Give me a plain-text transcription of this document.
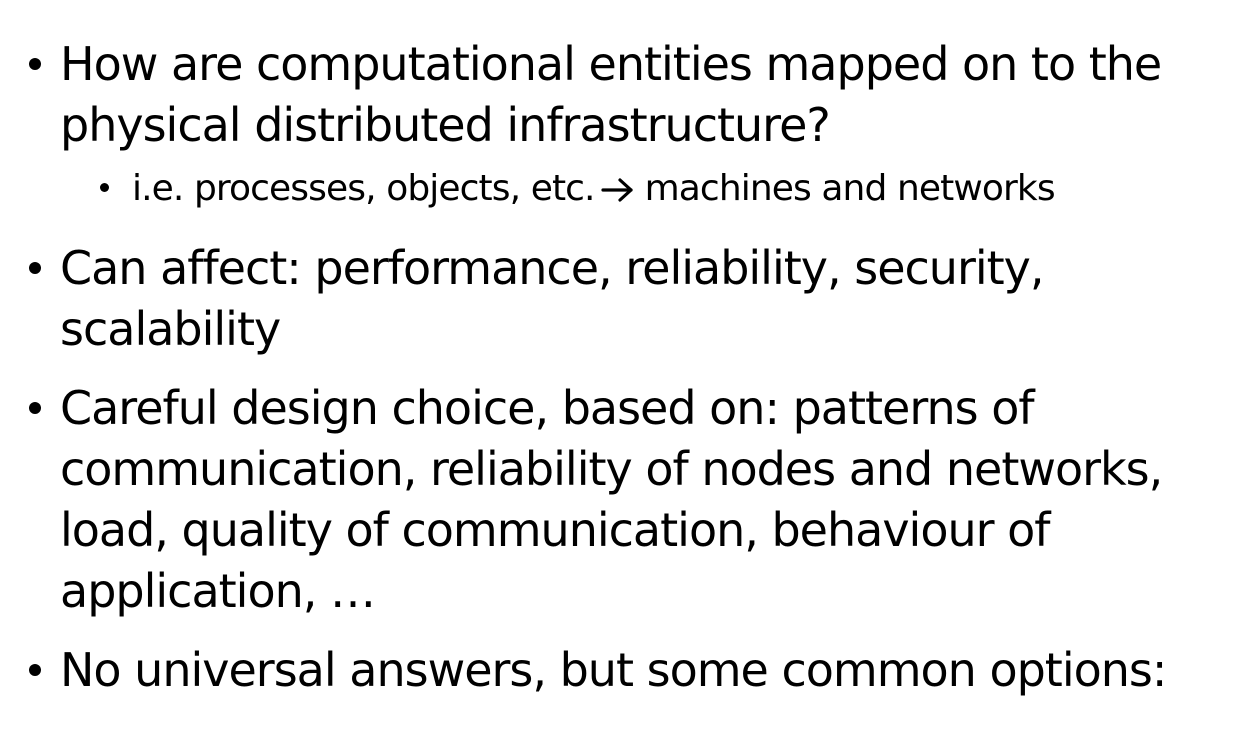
How are computational entities mapped on to the
physical distributed infrastructure?
i.e. processes, objects, etc. machines and networks
Can affect: performance, reliability, security,
scalability
Careful design choice, based on: patterns of
communication, reliability of nodes and networks,
load, quality of communication, behaviour of
application, …
No universal answers, but some common options:
